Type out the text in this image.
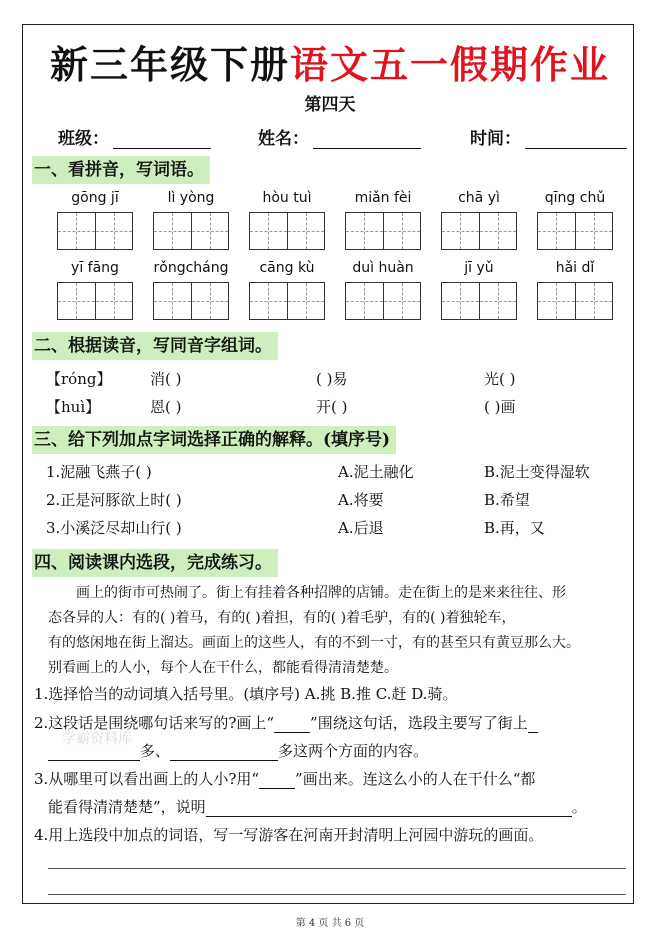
新三年级下册语文五一假期作业
第四天
班级：	姓名：	时间：
一、看拼音，写词语。
gōng jī	lì yòng	hòu tuì	miǎn fèi	chā yì	qīng chǔ
yī fāng	rǒngcháng	cāng kù	duì huàn	jī yǔ	hǎi dǐ
二、根据读音，写同音字组词。
【róng】	消( )	( )易	光( )
【huì】	恩( )	开( )	( )画
三、给下列加点字词选择正确的解释。(填序号)
1.泥融飞燕子( )	A.泥土融化	B.泥土变得湿软
2.正是河豚欲上时( )	A.将要	B.希望
3.小溪泛尽却山行( )	A.后退	B.再，又
四、阅读课内选段，完成练习。
画上的街市可热闹了。街上有挂着各种招牌的店铺。走在街上的是来来往往、形
态各异的人：有的( )着马，有的( )着担，有的( )着毛驴，有的( )着独轮车，
有的悠闲地在街上溜达。画面上的这些人，有的不到一寸，有的甚至只有黄豆那么大。
别看画上的人小，每个人在干什么，都能看得清清楚楚。
1.选择恰当的动词填入括号里。(填序号) A.挑 B.推 C.赶 D.骑。
2.这段话是围绕哪句话来写的?画上“ ”围绕这句话，选段主要写了街上
多、	多这两个方面的内容。
3.从哪里可以看出画上的人小?用“ ”画出来。连这么小的人在干什么“都
能看得清清楚楚”，说明	。
4.用上选段中加点的词语，写一写游客在河南开封清明上河园中游玩的画面。
学霸资料库
第 4 页 共 6 页
